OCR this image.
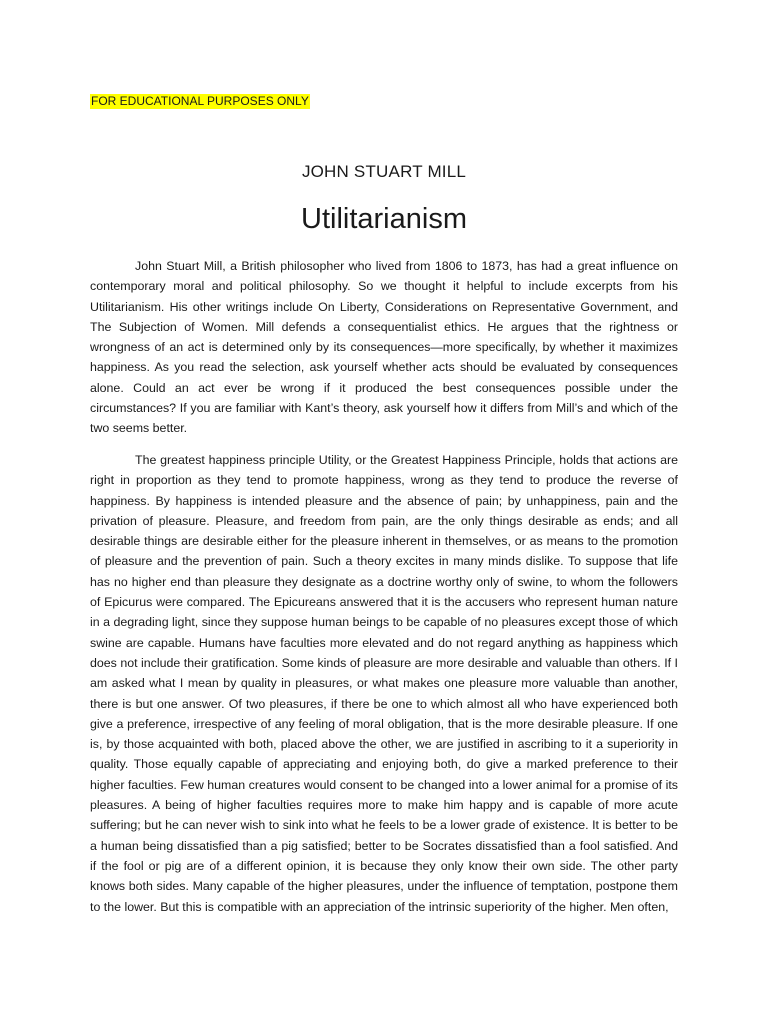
FOR EDUCATIONAL PURPOSES ONLY
JOHN STUART MILL
Utilitarianism

John Stuart Mill, a British philosopher who lived from 1806 to 1873, has had a great influence on contemporary moral and political philosophy. So we thought it helpful to include excerpts from his Utilitarianism. His other writings include On Liberty, Considerations on Representative Government, and The Subjection of Women. Mill defends a consequentialist ethics. He argues that the rightness or wrongness of an act is determined only by its consequences—more specifically, by whether it maximizes happiness. As you read the selection, ask yourself whether acts should be evaluated by consequences alone. Could an act ever be wrong if it produced the best consequences possible under the circumstances? If you are familiar with Kant’s theory, ask yourself how it differs from Mill’s and which of the two seems better.

The greatest happiness principle Utility, or the Greatest Happiness Principle, holds that actions are right in proportion as they tend to promote happiness, wrong as they tend to produce the reverse of happiness. By happiness is intended pleasure and the absence of pain; by unhappiness, pain and the privation of pleasure. Pleasure, and freedom from pain, are the only things desirable as ends; and all desirable things are desirable either for the pleasure inherent in themselves, or as means to the promotion of pleasure and the prevention of pain. Such a theory excites in many minds dislike. To suppose that life has no higher end than pleasure they designate as a doctrine worthy only of swine, to whom the followers of Epicurus were compared. The Epicureans answered that it is the accusers who represent human nature in a degrading light, since they suppose human beings to be capable of no pleasures except those of which swine are capable. Humans have faculties more elevated and do not regard anything as happiness which does not include their gratification. Some kinds of pleasure are more desirable and valuable than others. If I am asked what I mean by quality in pleasures, or what makes one pleasure more valuable than another, there is but one answer. Of two pleasures, if there be one to which almost all who have experienced both give a preference, irrespective of any feeling of moral obligation, that is the more desirable pleasure. If one is, by those acquainted with both, placed above the other, we are justified in ascribing to it a superiority in quality. Those equally capable of appreciating and enjoying both, do give a marked preference to their higher faculties. Few human creatures would consent to be changed into a lower animal for a promise of its pleasures. A being of higher faculties requires more to make him happy and is capable of more acute suffering; but he can never wish to sink into what he feels to be a lower grade of existence. It is better to be a human being dissatisfied than a pig satisfied; better to be Socrates dissatisfied than a fool satisfied. And if the fool or pig are of a different opinion, it is because they only know their own side. The other party knows both sides. Many capable of the higher pleasures, under the influence of temptation, postpone them to the lower. But this is compatible with an appreciation of the intrinsic superiority of the higher. Men often,
